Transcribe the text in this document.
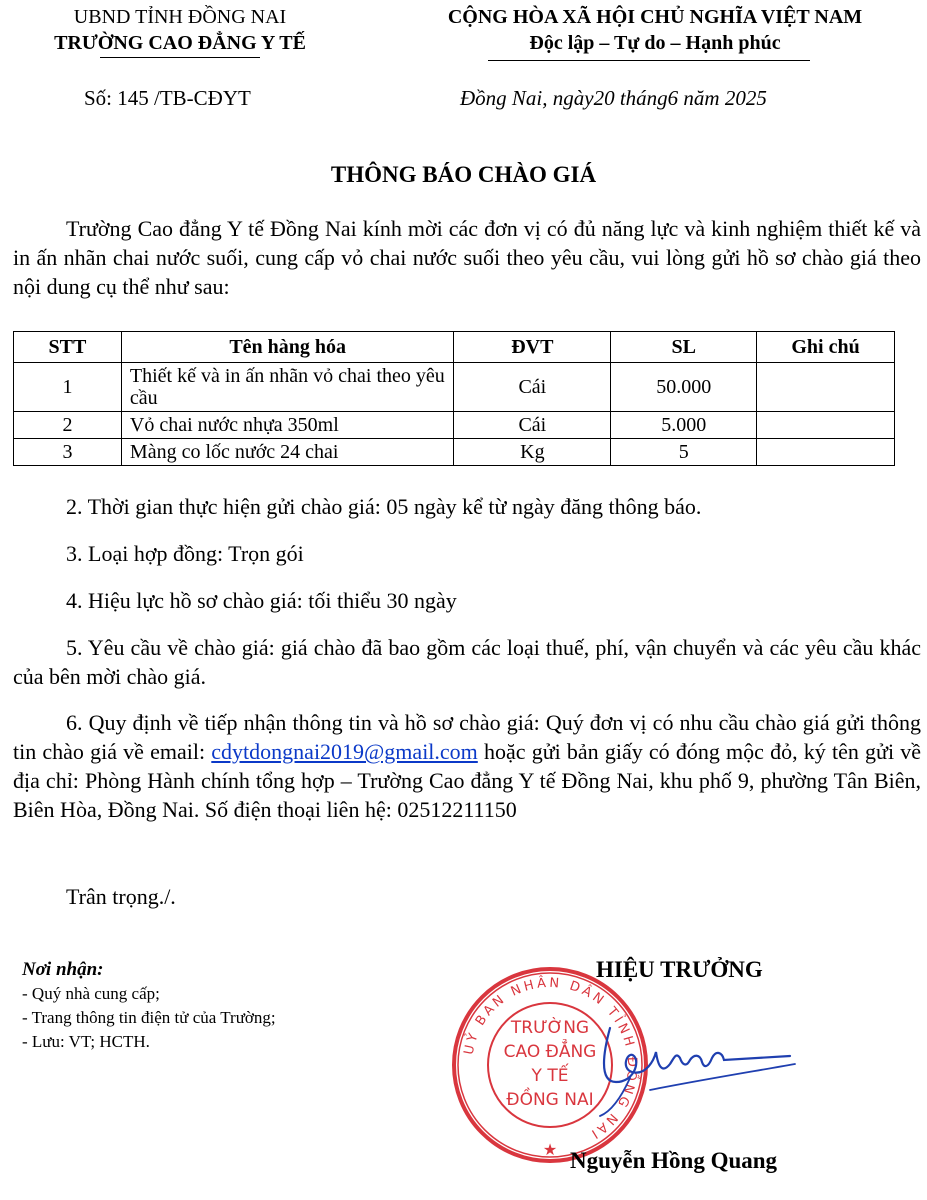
UBND TỈNH ĐỒNG NAI
TRƯỜNG CAO ĐẲNG Y TẾ
CỘNG HÒA XÃ HỘI CHỦ NGHĨA VIỆT NAM
Độc lập – Tự do – Hạnh phúc
Số: 145 /TB-CĐYT	Đồng Nai, ngày20 tháng6 năm 2025
THÔNG BÁO CHÀO GIÁ
Trường Cao đẳng Y tế Đồng Nai kính mời các đơn vị có đủ năng lực và kinh nghiệm thiết kế và in ấn nhãn chai nước suối, cung cấp vỏ chai nước suối theo yêu cầu, vui lòng gửi hồ sơ chào giá theo nội dung cụ thể như sau:
STT	Tên hàng hóa	ĐVT	SL	Ghi chú
1	Thiết kế và in ấn nhãn vỏ chai theo yêu cầu	Cái	50.000	
2	Vỏ chai nước nhựa 350ml	Cái	5.000	
3	Màng co lốc nước 24 chai	Kg	5	
2. Thời gian thực hiện gửi chào giá: 05 ngày kể từ ngày đăng thông báo.
3. Loại hợp đồng: Trọn gói
4. Hiệu lực hồ sơ chào giá: tối thiểu 30 ngày
5. Yêu cầu về chào giá: giá chào đã bao gồm các loại thuế, phí, vận chuyển và các yêu cầu khác của bên mời chào giá.
6. Quy định về tiếp nhận thông tin và hồ sơ chào giá: Quý đơn vị có nhu cầu chào giá gửi thông tin chào giá về email: cdytdongnai2019@gmail.com hoặc gửi bản giấy có đóng mộc đỏ, ký tên gửi về địa chỉ: Phòng Hành chính tổng hợp – Trường Cao đẳng Y tế Đồng Nai, khu phố 9, phường Tân Biên, Biên Hòa, Đồng Nai. Số điện thoại liên hệ: 02512211150
Trân trọng./.
Nơi nhận:
- Quý nhà cung cấp;
- Trang thông tin điện tử của Trường;
- Lưu: VT; HCTH.
HIỆU TRƯỞNG
UỶ BAN NHÂN DÂN TỈNH ĐỒNG NAI
TRƯỜNG
CAO ĐẲNG
Y TẾ
ĐỒNG NAI
★ Nguyễn Hồng Quang
